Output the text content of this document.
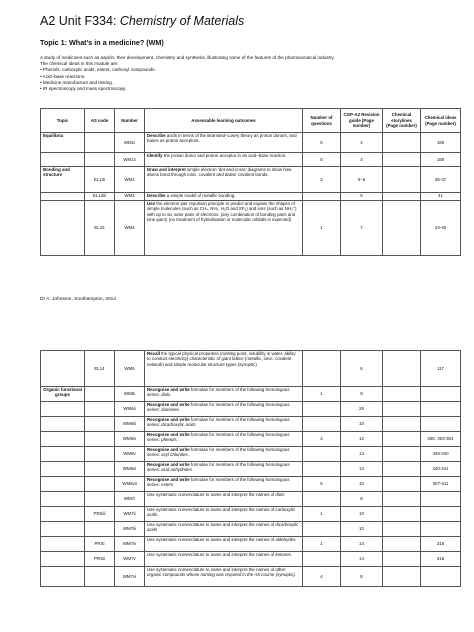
A2 Unit F334: Chemistry of Materials
Topic 1: What’s in a medicine? (WM)
A study of medicines such as aspirin, their development, chemistry and synthesis, illustrating some of the features of the pharmaceutical industry.
The chemical ideas in this module are:
• Phenols, carboxylic acids, esters, carbonyl compounds.
• Acid–base reactions.
• Medicine manufacture and testing.
• IR spectroscopy and mass spectroscopy.
Topic	AS code	Number	Assessable learning outcomes	Number of questions	CGP-A2 Revision guide (Page number)	Chemical storylines (Page number)	Chemical ideas (Page number)
Equilibria		WM1i	Describe acids in terms of the Brønsted–Lowry theory as proton donors, and bases as proton acceptors.	5	4		180
		WM1ii	Identify the proton donor and proton acceptor in an acid–base reaction.	5	4		180
Bonding and structure	EL13i	WM2	Draw and interpret simple electron ‘dot-and-cross’ diagrams to show how atoms bond through ionic, covalent and dative covalent bonds.	2	5–6		36-37
	EL13iii	WM3	Describe a simple model of metallic bonding.		5		41
	EL15	WM4	Use the electron pair repulsion principle to predict and explain the shapes of simple molecules (such as CH₄, NH₃, H₂O and SF₆) and ions (such as NH₄⁺) with up to six outer pairs of electrons. (any combination of bonding pairs and lone pairs) (no treatment of hybridisation or molecular orbitals is expected)	1	7		44-46
Dr A. Johnston, Southampton, 2014
	EL14	WM5	Recall the typical physical properties (melting point, solubility in water, ability to conduct electricity) characteristic of giant lattice (metallic, ionic, covalent network) and simple molecular structure types (synoptic)		6		117
Organic functional groups		WM6i	Recognise and write formulae for members of the following homologous series: diols.	1	8		
		WM6ii	Recognise and write formulae for members of the following homologous series: diamines.		28		
		WM6iii	Recognise and write formulae for members of the following homologous series: dicarboxylic acids		10		
		WM6iv	Recognise and write formulae for members of the following homologous series: phenols.	2	12		280, 303-304
		WM6v	Recognise and write formulae for members of the following homologous series: acyl chlorides.		13		339-340
		WM6vi	Recognise and write formulae for members of the following homologous series: acid anhydrides.		14		340-341
		WM6vii	Recognise and write formulae for members of the following homologous series: esters.	6	10		307-311
		WM7i	Use systematic nomenclature to name and interpret the names of diols		8		
	PRSiii	WM7ii	Use systematic nomenclature to name and interpret the names of carboxylic acids.	1	10		
		WM7iii	Use systematic nomenclature to name and interpret the names of dicarboxylic acids		10		
	PRSi	WM7iv	Use systematic nomenclature to name and interpret the names of aldehydes.	1	14		316
	PRSii	WM7v	Use systematic nomenclature to name and interpret the names of ketones.		14		316
		WM7vi	Use systematic nomenclature to name and interpret the names of other organic compounds whose naming was required in the AS course (synoptic).	4	8		
